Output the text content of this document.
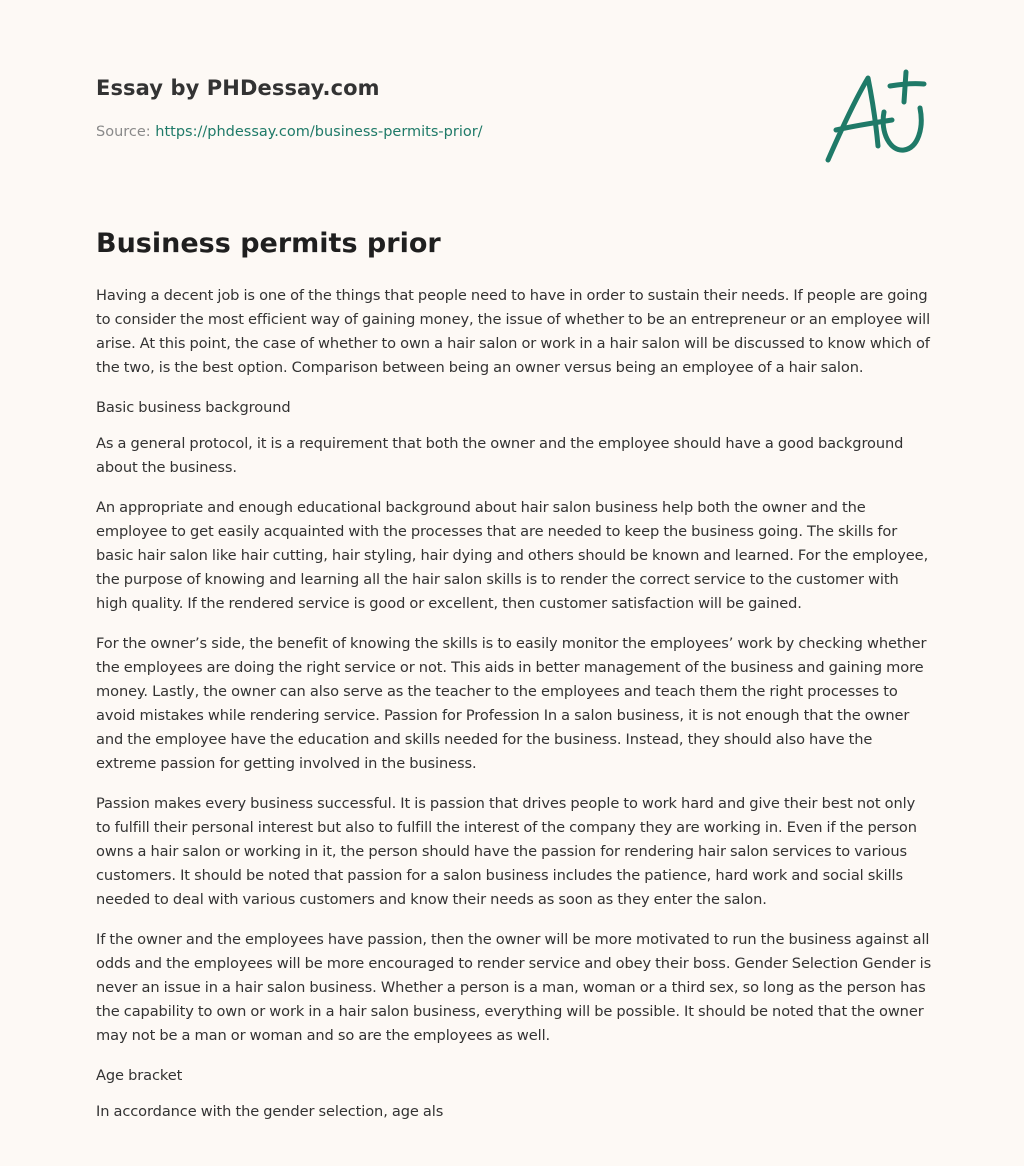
Essay by PHDessay.com
Source: https://phdessay.com/business-permits-prior/
Business permits prior

Having a decent job is one of the things that people need to have in order to sustain their needs. If people are going to consider the most efficient way of gaining money, the issue of whether to be an entrepreneur or an employee will arise. At this point, the case of whether to own a hair salon or work in a hair salon will be discussed to know which of the two, is the best option. Comparison between being an owner versus being an employee of a hair salon.

Basic business background

As a general protocol, it is a requirement that both the owner and the employee should have a good background about the business.

An appropriate and enough educational background about hair salon business help both the owner and the employee to get easily acquainted with the processes that are needed to keep the business going. The skills for basic hair salon like hair cutting, hair styling, hair dying and others should be known and learned. For the employee, the purpose of knowing and learning all the hair salon skills is to render the correct service to the customer with high quality. If the rendered service is good or excellent, then customer satisfaction will be gained.

For the owner’s side, the benefit of knowing the skills is to easily monitor the employees’ work by checking whether the employees are doing the right service or not. This aids in better management of the business and gaining more money. Lastly, the owner can also serve as the teacher to the employees and teach them the right processes to avoid mistakes while rendering service. Passion for Profession In a salon business, it is not enough that the owner and the employee have the education and skills needed for the business. Instead, they should also have the extreme passion for getting involved in the business.

Passion makes every business successful. It is passion that drives people to work hard and give their best not only to fulfill their personal interest but also to fulfill the interest of the company they are working in. Even if the person owns a hair salon or working in it, the person should have the passion for rendering hair salon services to various customers. It should be noted that passion for a salon business includes the patience, hard work and social skills needed to deal with various customers and know their needs as soon as they enter the salon.

If the owner and the employees have passion, then the owner will be more motivated to run the business against all odds and the employees will be more encouraged to render service and obey their boss. Gender Selection Gender is never an issue in a hair salon business. Whether a person is a man, woman or a third sex, so long as the person has the capability to own or work in a hair salon business, everything will be possible. It should be noted that the owner may not be a man or woman and so are the employees as well.

Age bracket

In accordance with the gender selection, age als
